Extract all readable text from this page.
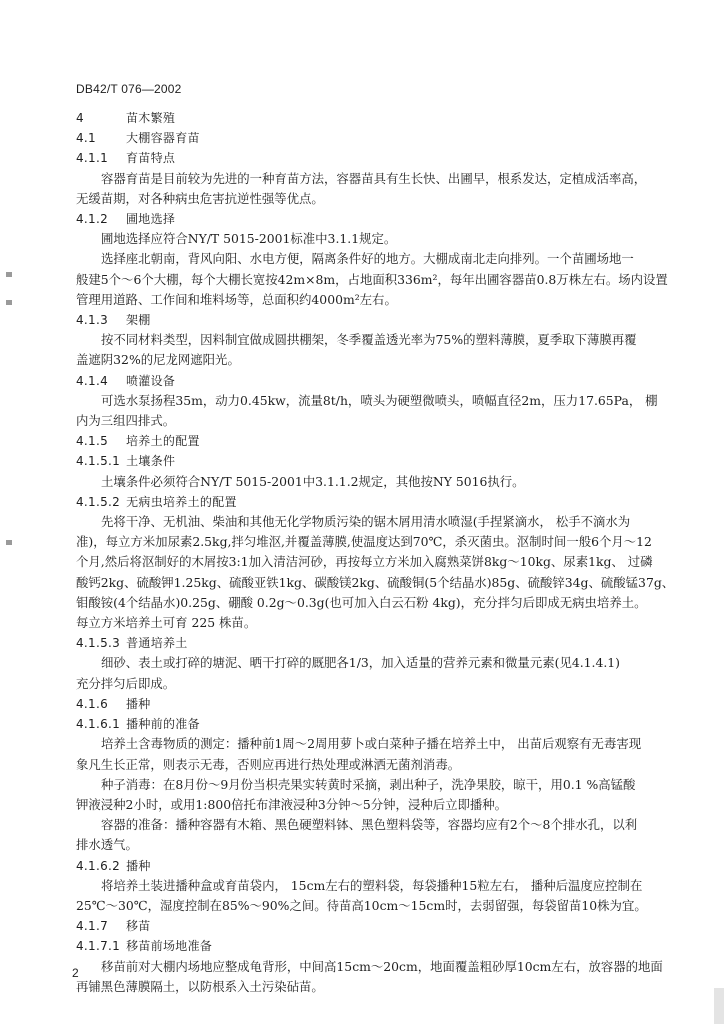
DB42/T 076—2002
4	苗木繁殖
4.1	大棚容器育苗
4.1.1 育苗特点
容器育苗是目前较为先进的一种育苗方法，容器苗具有生长快、出圃早，根系发达，定植成活率高，
无缓苗期，对各种病虫危害抗逆性强等优点。
4.1.2 圃地选择
圃地选择应符合NY/T 5015-2001标准中3.1.1规定。
选择座北朝南，背风向阳、水电方便，隔离条件好的地方。大棚成南北走向排列。一个苗圃场地一
般建5个～6个大棚，每个大棚长宽按42m×8m，占地面积336m²，每年出圃容器苗0.8万株左右。场内设置
管理用道路、工作间和堆料场等，总面积约4000m²左右。
4.1.3 架棚
按不同材料类型，因料制宜做成圆拱棚架，冬季覆盖透光率为75%的塑料薄膜，夏季取下薄膜再覆
盖遮阴32%的尼龙网遮阳光。
4.1.4 喷灌设备
可选水泵扬程35m，动力0.45kw，流量8t/h，喷头为硬塑微喷头，喷幅直径2m，压力17.65Pa， 棚
内为三组四排式。
4.1.5 培养土的配置
4.1.5.1 土壤条件
土壤条件必须符合NY/T 5015-2001中3.1.1.2规定，其他按NY 5016执行。
4.1.5.2 无病虫培养土的配置
先将干净、无机油、柴油和其他无化学物质污染的锯木屑用清水喷湿(手捏紧滴水， 松手不滴水为
准)，每立方米加尿素2.5kg,拌匀堆沤,并覆盖薄膜,使温度达到70℃，杀灭菌虫。沤制时间一般6个月～12
个月,然后将沤制好的木屑按3:1加入清洁河砂，再按每立方米加入腐熟菜饼8kg～10kg、尿素1kg、 过磷
酸钙2kg、硫酸钾1.25kg、硫酸亚铁1kg、碳酸镁2kg、硫酸铜(5个结晶水)85g、硫酸锌34g、硫酸锰37g、
钼酸铵(4个结晶水)0.25g、硼酸 0.2g～0.3g(也可加入白云石粉 4kg)，充分拌匀后即成无病虫培养土。
每立方米培养土可育 225 株苗。
4.1.5.3 普通培养土
细砂、表土或打碎的塘泥、晒干打碎的厩肥各1/3，加入适量的营养元素和微量元素(见4.1.4.1)
充分拌匀后即成。
4.1.6 播种
4.1.6.1 播种前的准备
培养土含毒物质的测定：播种前1周～2周用萝卜或白菜种子播在培养土中， 出苗后观察有无毒害现
象凡生长正常，则表示无毒，否则应再进行热处理或淋洒无菌剂消毒。
种子消毒：在8月份～9月份当枳壳果实转黄时采摘，剥出种子，洗净果胶，晾干，用0.1 %高锰酸
钾液浸种2小时，或用1:800倍托布津液浸种3分钟～5分钟，浸种后立即播种。
容器的准备：播种容器有木箱、黑色硬塑料钵、黑色塑料袋等，容器均应有2个～8个排水孔，以利
排水透气。
4.1.6.2 播种
将培养土装进播种盒或育苗袋内， 15cm左右的塑料袋，每袋播种15粒左右， 播种后温度应控制在
25℃～30℃，湿度控制在85%～90%之间。待苗高10cm～15cm时，去弱留强，每袋留苗10株为宜。
4.1.7 移苗
4.1.7.1 移苗前场地准备
移苗前对大棚内场地应整成龟背形，中间高15cm～20cm，地面覆盖粗砂厚10cm左右，放容器的地面
再铺黑色薄膜隔土，以防根系入土污染砧苗。
2
